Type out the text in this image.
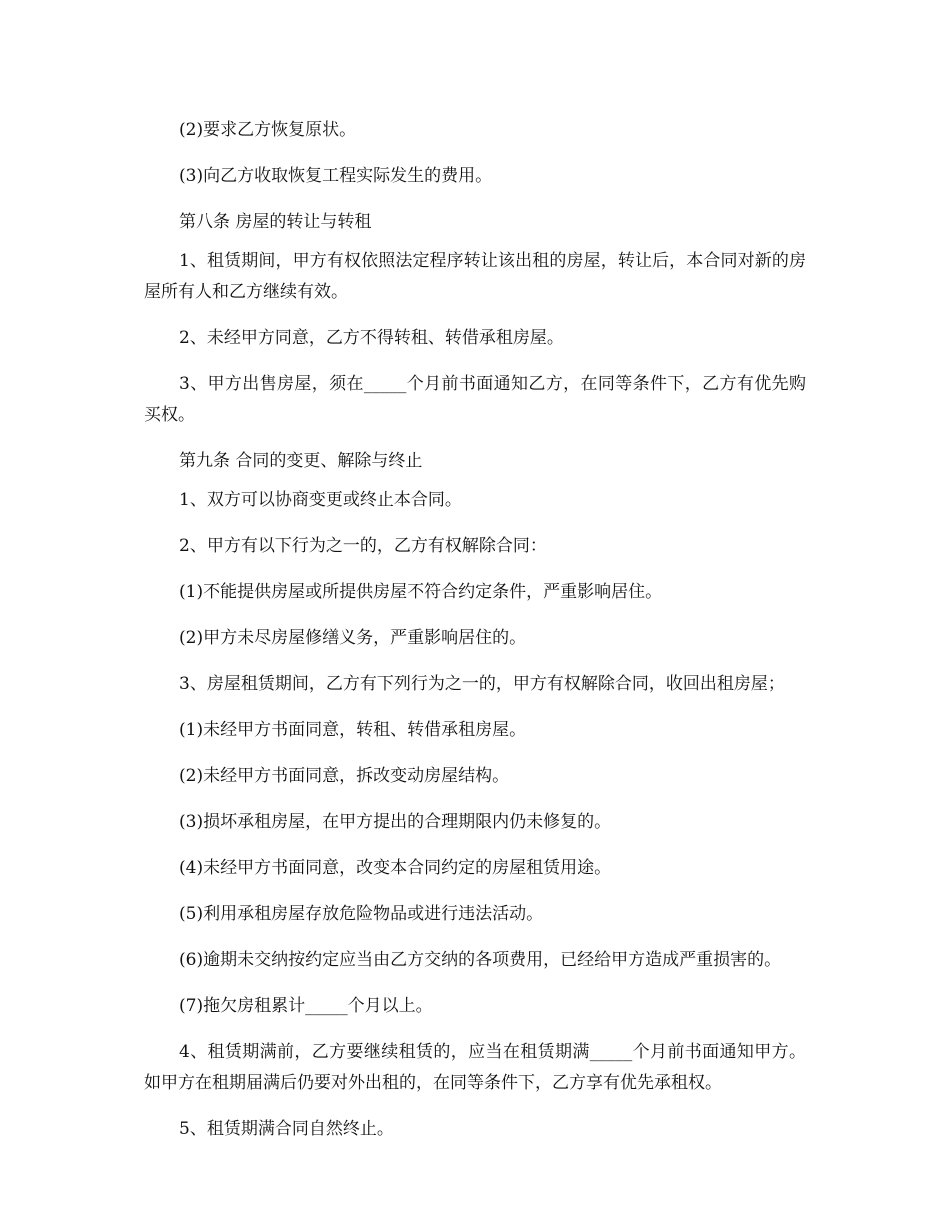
(2)要求乙方恢复原状。

(3)向乙方收取恢复工程实际发生的费用。

第八条 房屋的转让与转租

1、租赁期间，甲方有权依照法定程序转让该出租的房屋，转让后，本合同对新的房屋所有人和乙方继续有效。

2、未经甲方同意，乙方不得转租、转借承租房屋。

3、甲方出售房屋，须在_____个月前书面通知乙方，在同等条件下，乙方有优先购买权。

第九条 合同的变更、解除与终止

1、双方可以协商变更或终止本合同。

2、甲方有以下行为之一的，乙方有权解除合同：

(1)不能提供房屋或所提供房屋不符合约定条件，严重影响居住。

(2)甲方未尽房屋修缮义务，严重影响居住的。

3、房屋租赁期间，乙方有下列行为之一的，甲方有权解除合同，收回出租房屋；

(1)未经甲方书面同意，转租、转借承租房屋。

(2)未经甲方书面同意，拆改变动房屋结构。

(3)损坏承租房屋，在甲方提出的合理期限内仍未修复的。

(4)未经甲方书面同意，改变本合同约定的房屋租赁用途。

(5)利用承租房屋存放危险物品或进行违法活动。

(6)逾期未交纳按约定应当由乙方交纳的各项费用，已经给甲方造成严重损害的。

(7)拖欠房租累计_____个月以上。

4、租赁期满前，乙方要继续租赁的，应当在租赁期满_____个月前书面通知甲方。如甲方在租期届满后仍要对外出租的，在同等条件下，乙方享有优先承租权。

5、租赁期满合同自然终止。
